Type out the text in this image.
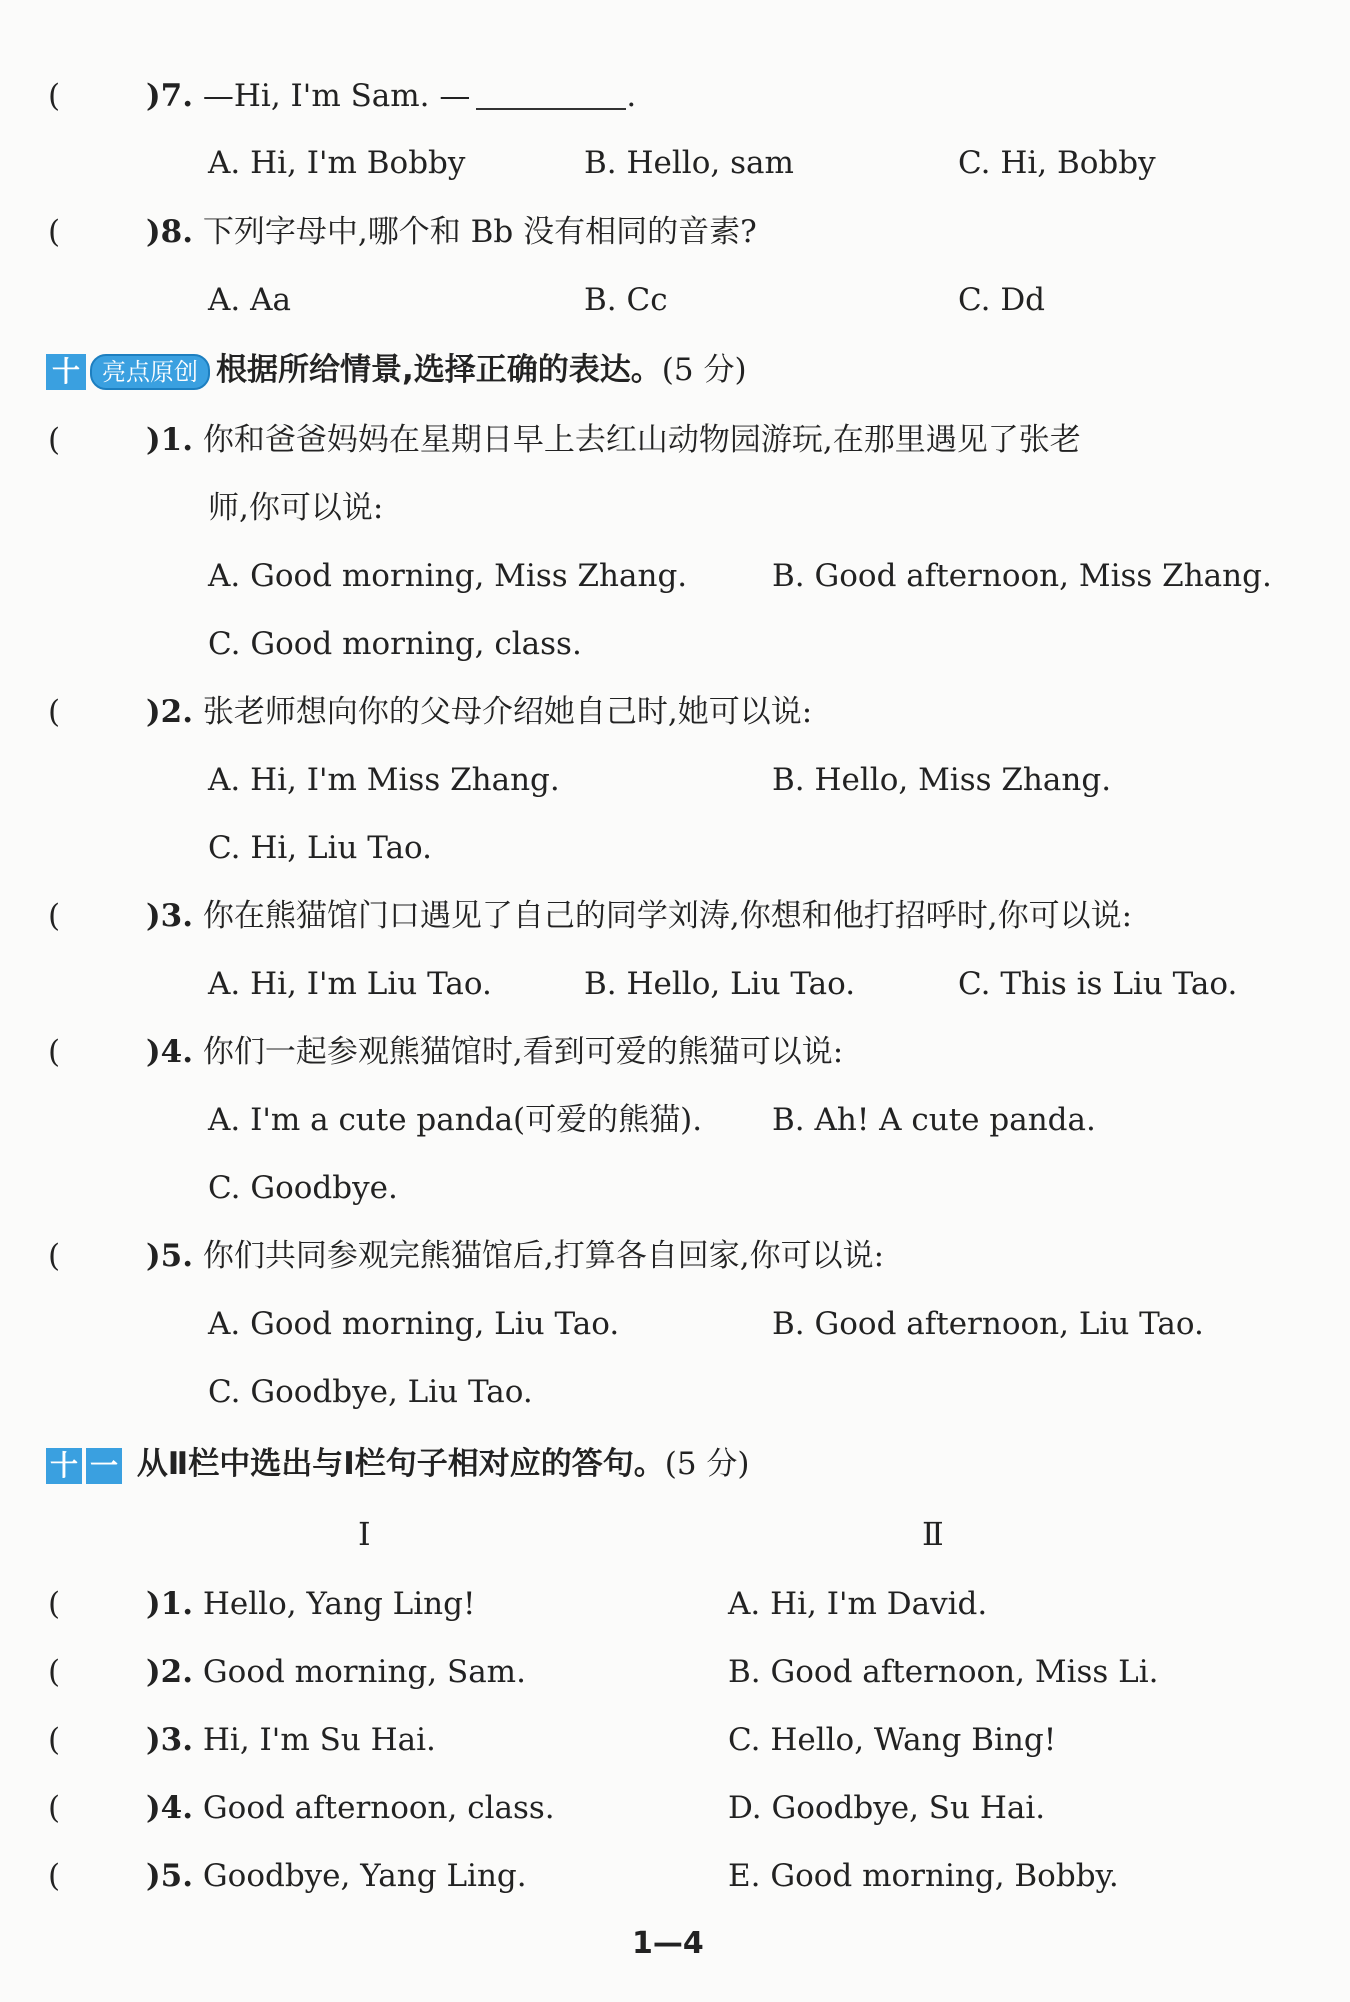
(	)7. —Hi, I'm Sam. —	.
A. Hi, I'm Bobby	B. Hello, sam	C. Hi, Bobby
(	)8. 下列字母中,哪个和 Bb 没有相同的音素?
A. Aa	B. Cc	C. Dd
十 亮点原创 根据所给情景,选择正确的表达。(5 分)
(	)1. 你和爸爸妈妈在星期日早上去红山动物园游玩,在那里遇见了张老
师,你可以说:
A. Good morning, Miss Zhang.	B. Good afternoon, Miss Zhang.
C. Good morning, class.
(	)2. 张老师想向你的父母介绍她自己时,她可以说:
A. Hi, I'm Miss Zhang.	B. Hello, Miss Zhang.
C. Hi, Liu Tao.
(	)3. 你在熊猫馆门口遇见了自己的同学刘涛,你想和他打招呼时,你可以说:
A. Hi, I'm Liu Tao.	B. Hello, Liu Tao.	C. This is Liu Tao.
(	)4. 你们一起参观熊猫馆时,看到可爱的熊猫可以说:
A. I'm a cute panda(可爱的熊猫). B. Ah! A cute panda.
C. Goodbye.
(	)5. 你们共同参观完熊猫馆后,打算各自回家,你可以说:
A. Good morning, Liu Tao.	B. Good afternoon, Liu Tao.
C. Goodbye, Liu Tao.
十 一 从Ⅱ栏中选出与Ⅰ栏句子相对应的答句。(5 分)
Ⅰ	Ⅱ
(	)1. Hello, Yang Ling!	A. Hi, I'm David.
(	)2. Good morning, Sam.	B. Good afternoon, Miss Li.
(	)3. Hi, I'm Su Hai.	C. Hello, Wang Bing!
(	)4. Good afternoon, class.	D. Goodbye, Su Hai.
(	)5. Goodbye, Yang Ling.	E. Good morning, Bobby.
1—4
